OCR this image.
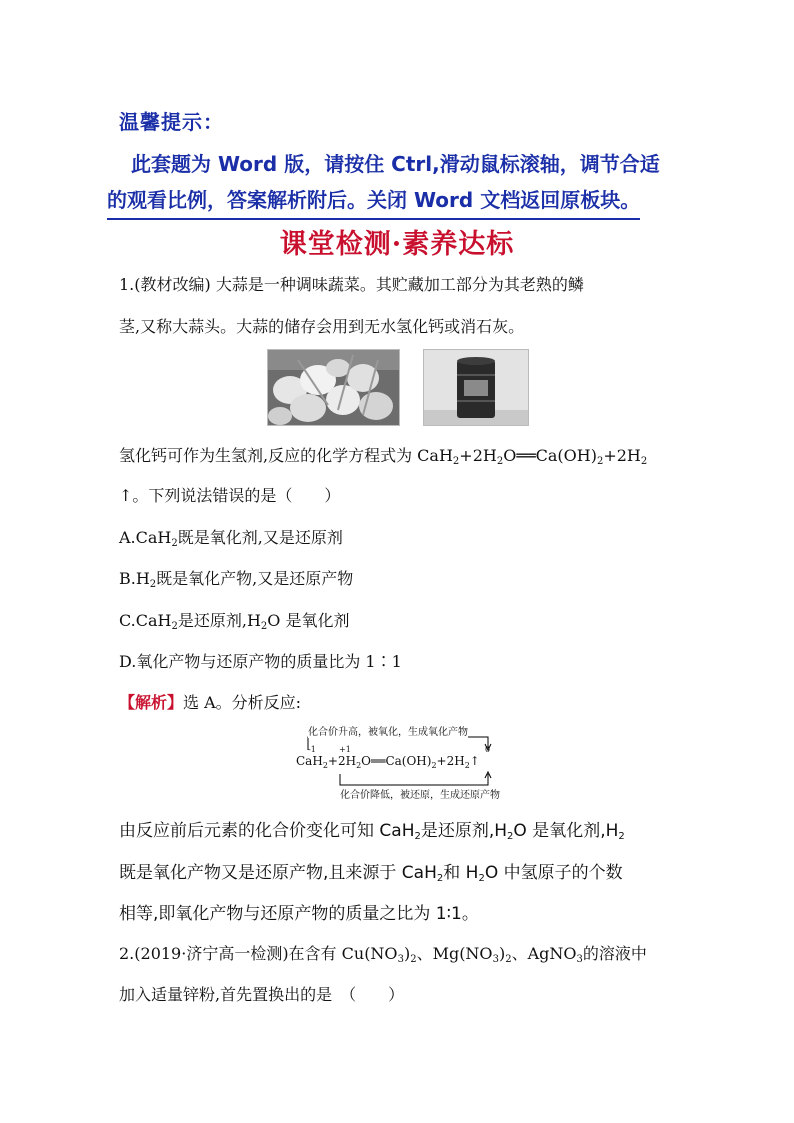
温馨提示：
此套题为 Word 版，请按住 Ctrl,滑动鼠标滚轴，调节合适
的观看比例，答案解析附后。关闭 Word 文档返回原板块。
课堂检测·素养达标
1.(教材改编) 大蒜是一种调味蔬菜。其贮藏加工部分为其老熟的鳞
茎,又称大蒜头。大蒜的储存会用到无水氢化钙或消石灰。
氢化钙可作为生氢剂,反应的化学方程式为 $CaH_2+2H_2O══Ca(OH)_2+2H_2$
↑。下列说法错误的是（　　）
A.CaH$_2$既是氧化剂,又是还原剂
$B.H_2$既是氧化产物,又是还原产物
C.CaH$_2$是还原剂$,H_2O$ 是氧化剂
D.氧化产物与还原产物的质量比为 1∶1
【解析】选 A。分析反应:
化合价升高，被氧化，生成氧化产物
-1	+1	0
$CaH_2+2H_2O══Ca(OH)_2+2H_2↑$
化合价降低，被还原，生成还原产物
由反应前后元素的化合价变化可知 CaH$_2$是还原剂$,H_2O$ 是氧化剂$,H_2$
既是氧化产物又是还原产物,且来源于 CaH$_2$和 $H_2O$ 中氢原子的个数
相等,即氧化产物与还原产物的质量之比为 1∶1。
2.(2019·济宁高一检测)在含有 $Cu(NO_3)_2$、$Mg(NO_3)_2$、AgNO$_3$的溶液中
加入适量锌粉,首先置换出的是　（　　）
